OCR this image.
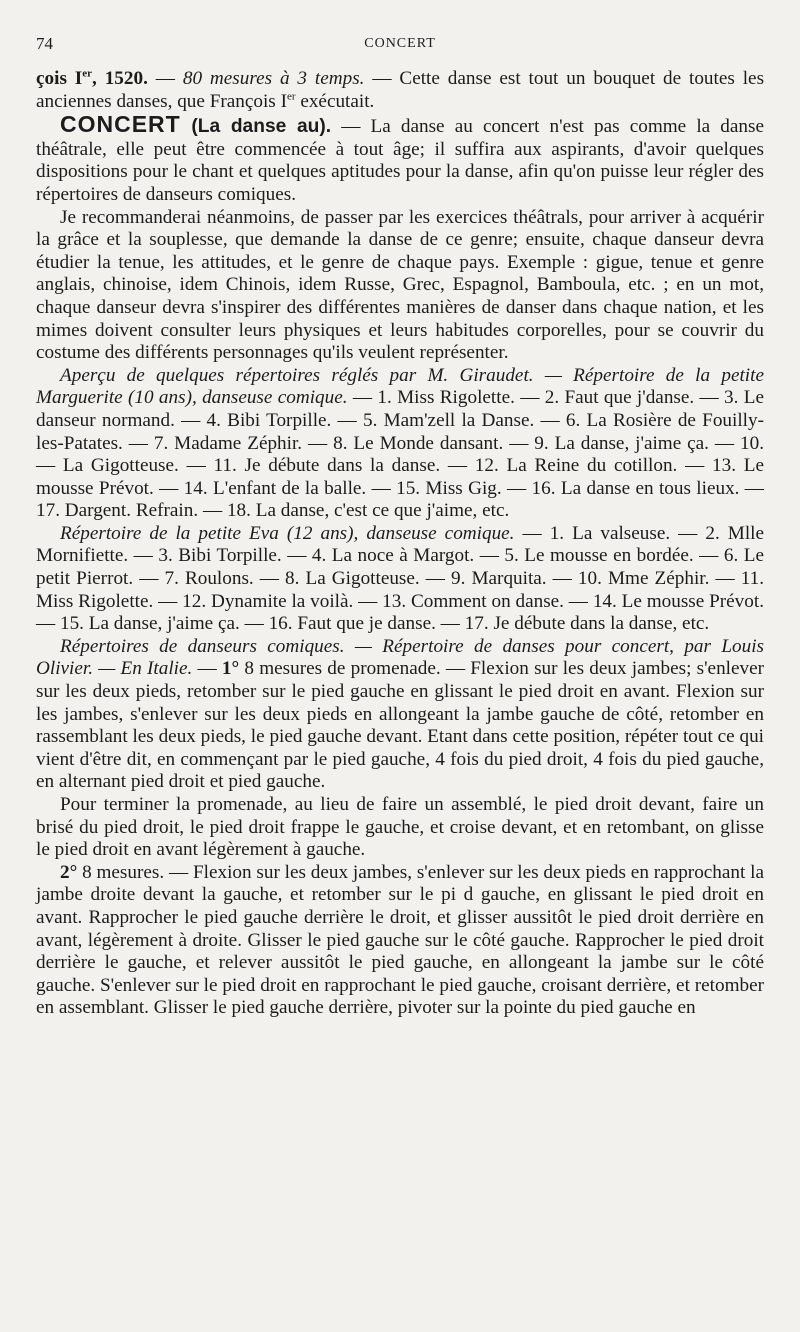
74	CONCERT

çois Ier, 1520. — 80 mesures à 3 temps. — Cette danse est tout un bouquet de toutes les anciennes danses, que François Ier exécutait.

CONCERT (La danse au). — La danse au concert n'est pas comme la danse théâtrale, elle peut être commencée à tout âge; il suffira aux aspirants, d'avoir quelques dispositions pour le chant et quelques aptitudes pour la danse, afin qu'on puisse leur régler des répertoires de danseurs comiques.

Je recommanderai néanmoins, de passer par les exercices théâtrals, pour arriver à acquérir la grâce et la souplesse, que demande la danse de ce genre; ensuite, chaque danseur devra étudier la tenue, les attitudes, et le genre de chaque pays. Exemple : gigue, tenue et genre anglais, chinoise, idem Chinois, idem Russe, Grec, Espagnol, Bamboula, etc. ; en un mot, chaque danseur devra s'inspirer des différentes manières de danser dans chaque nation, et les mimes doivent consulter leurs physiques et leurs habitudes corporelles, pour se couvrir du costume des différents personnages qu'ils veulent représenter.

Aperçu de quelques répertoires réglés par M. Giraudet. — Répertoire de la petite Marguerite (10 ans), danseuse comique. — 1. Miss Rigolette. — 2. Faut que j'danse. — 3. Le danseur normand. — 4. Bibi Torpille. — 5. Mam'zell la Danse. — 6. La Rosière de Fouilly-les-Patates. — 7. Madame Zéphir. — 8. Le Monde dansant. — 9. La danse, j'aime ça. — 10. — La Gigotteuse. — 11. Je débute dans la danse. — 12. La Reine du cotillon. — 13. Le mousse Prévot. — 14. L'enfant de la balle. — 15. Miss Gig. — 16. La danse en tous lieux. — 17. Dargent. Refrain. — 18. La danse, c'est ce que j'aime, etc.

Répertoire de la petite Eva (12 ans), danseuse comique. — 1. La valseuse. — 2. Mlle Mornifiette. — 3. Bibi Torpille. — 4. La noce à Margot. — 5. Le mousse en bordée. — 6. Le petit Pierrot. — 7. Roulons. — 8. La Gigotteuse. — 9. Marquita. — 10. Mme Zéphir. — 11. Miss Rigolette. — 12. Dynamite la voilà. — 13. Comment on danse. — 14. Le mousse Prévot. — 15. La danse, j'aime ça. — 16. Faut que je danse. — 17. Je débute dans la danse, etc.

Répertoires de danseurs comiques. — Répertoire de danses pour concert, par Louis Olivier. — En Italie. — 1° 8 mesures de promenade. — Flexion sur les deux jambes; s'enlever sur les deux pieds, retomber sur le pied gauche en glissant le pied droit en avant. Flexion sur les jambes, s'enlever sur les deux pieds en allongeant la jambe gauche de côté, retomber en rassemblant les deux pieds, le pied gauche devant. Etant dans cette position, répéter tout ce qui vient d'être dit, en commençant par le pied gauche, 4 fois du pied droit, 4 fois du pied gauche, en alternant pied droit et pied gauche.

Pour terminer la promenade, au lieu de faire un assemblé, le pied droit devant, faire un brisé du pied droit, le pied droit frappe le gauche, et croise devant, et en retombant, on glisse le pied droit en avant légèrement à gauche.

2° 8 mesures. — Flexion sur les deux jambes, s'enlever sur les deux pieds en rapprochant la jambe droite devant la gauche, et retomber sur le pi d gauche, en glissant le pied droit en avant. Rapprocher le pied gauche derrière le droit, et glisser aussitôt le pied droit derrière en avant, légèrement à droite. Glisser le pied gauche sur le côté gauche. Rapprocher le pied droit derrière le gauche, et relever aussitôt le pied gauche, en allongeant la jambe sur le côté gauche. S'enlever sur le pied droit en rapprochant le pied gauche, croisant derrière, et retomber en assemblant. Glisser le pied gauche derrière, pivoter sur la pointe du pied gauche en
